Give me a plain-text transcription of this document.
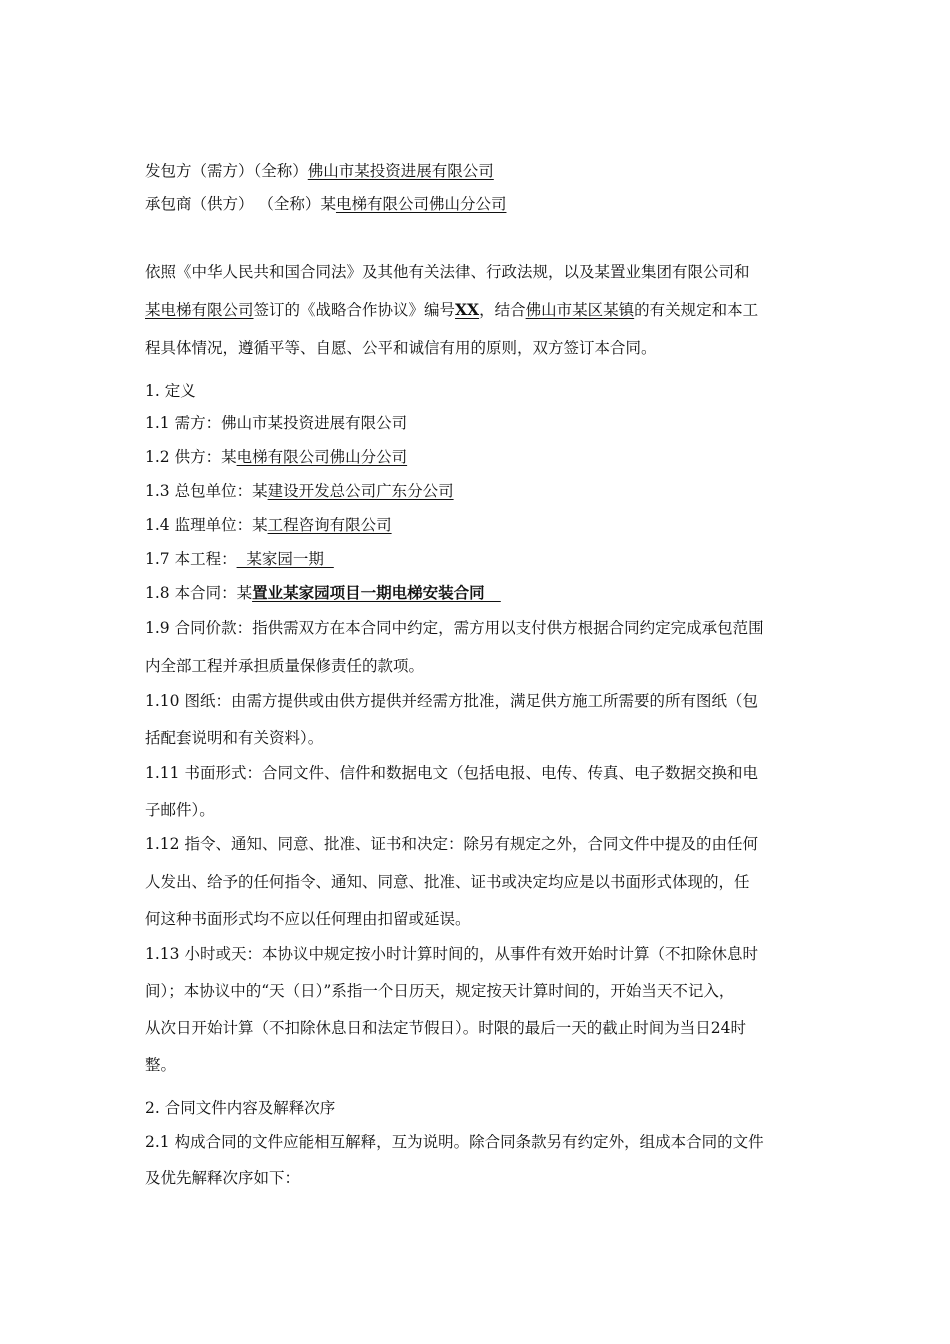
发包方（需方）（全称）佛山市某投资进展有限公司
承包商（供方） （全称）某电梯有限公司佛山分公司
依照《中华人民共和国合同法》及其他有关法律、行政法规，以及某置业集团有限公司和
某电梯有限公司签订的《战略合作协议》编号XX，结合佛山市某区某镇的有关规定和本工
程具体情况，遵循平等、自愿、公平和诚信有用的原则，双方签订本合同。
1. 定义
1.1 需方：佛山市某投资进展有限公司
1.2 供方：某电梯有限公司佛山分公司
1.3 总包单位：某建设开发总公司广东分公司
1.4 监理单位：某工程咨询有限公司
1.7 本工程：  某家园一期
1.8 本合同：某置业某家园项目一期电梯安装合同
1.9 合同价款：指供需双方在本合同中约定，需方用以支付供方根据合同约定完成承包范围
内全部工程并承担质量保修责任的款项。
1.10 图纸：由需方提供或由供方提供并经需方批准，满足供方施工所需要的所有图纸（包
括配套说明和有关资料）。
1.11 书面形式：合同文件、信件和数据电文（包括电报、电传、传真、电子数据交换和电
子邮件）。
1.12 指令、通知、同意、批准、证书和决定：除另有规定之外，合同文件中提及的由任何
人发出、给予的任何指令、通知、同意、批准、证书或决定均应是以书面形式体现的，任
何这种书面形式均不应以任何理由扣留或延误。
1.13 小时或天：本协议中规定按小时计算时间的，从事件有效开始时计算（不扣除休息时
间）；本协议中的“天（日）”系指一个日历天，规定按天计算时间的，开始当天不记入，
从次日开始计算（不扣除休息日和法定节假日）。时限的最后一天的截止时间为当日24时
整。
2. 合同文件内容及解释次序
2.1 构成合同的文件应能相互解释，互为说明。除合同条款另有约定外，组成本合同的文件
及优先解释次序如下：
